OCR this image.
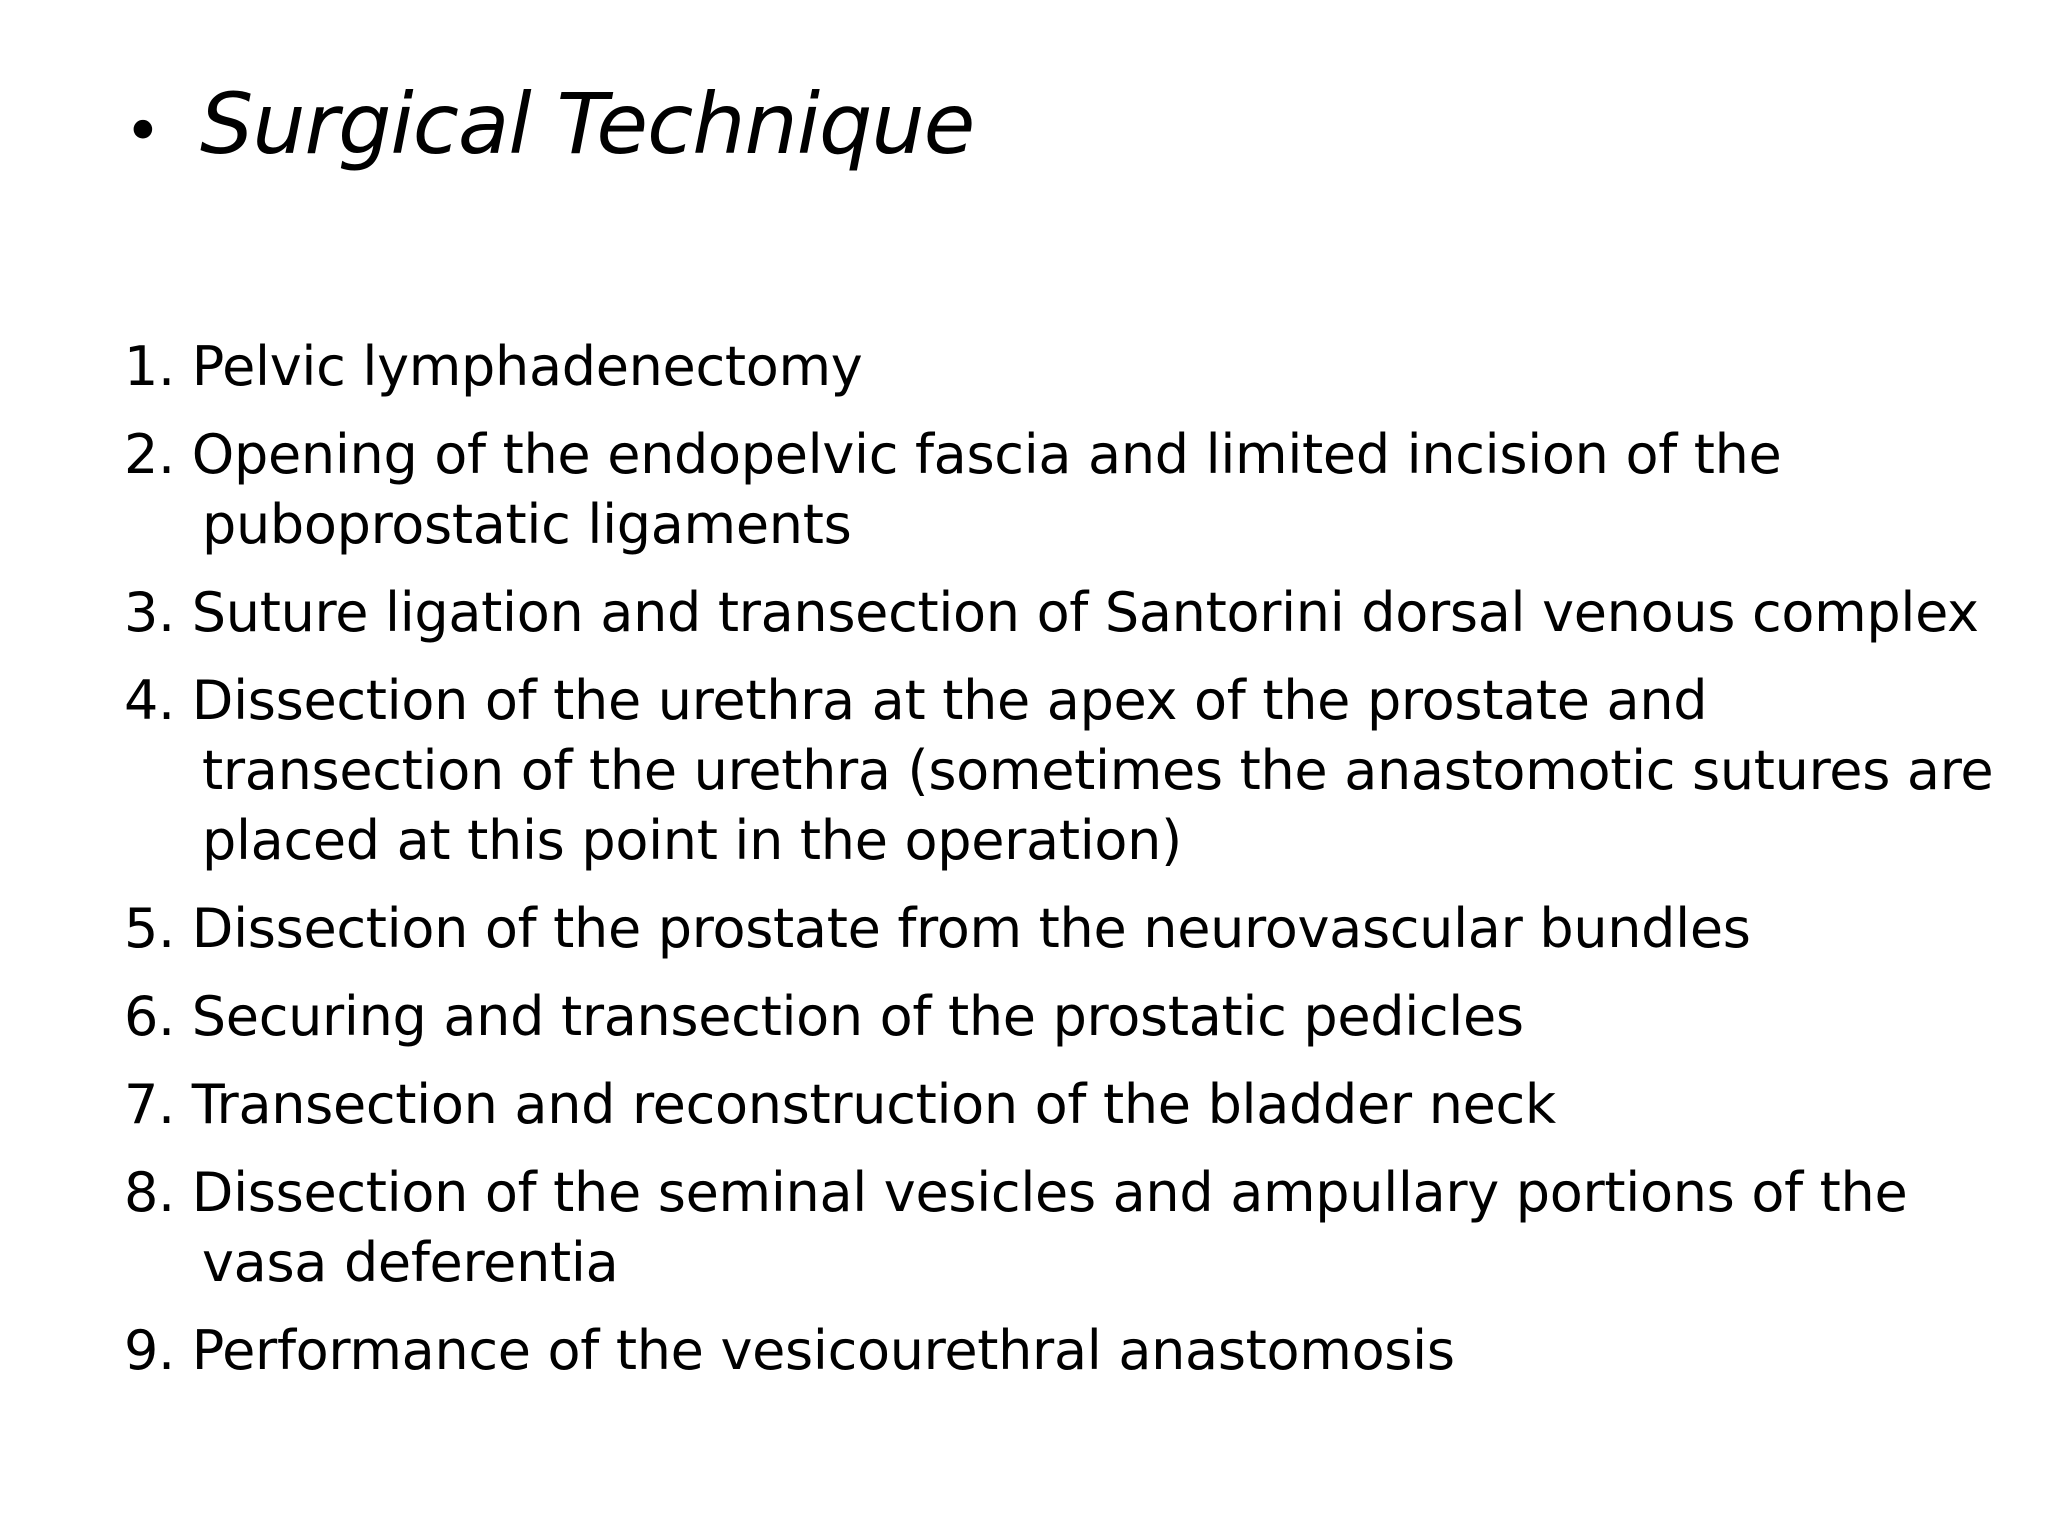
• Surgical Technique
1. Pelvic lymphadenectomy
2. Opening of the endopelvic fascia and limited incision of the puboprostatic ligaments
3. Suture ligation and transection of Santorini dorsal venous complex
4. Dissection of the urethra at the apex of the prostate and transection of the urethra (sometimes the anastomotic sutures are placed at this point in the operation)
5. Dissection of the prostate from the neurovascular bundles
6. Securing and transection of the prostatic pedicles
7. Transection and reconstruction of the bladder neck
8. Dissection of the seminal vesicles and ampullary portions of the vasa deferentia
9. Performance of the vesicourethral anastomosis
